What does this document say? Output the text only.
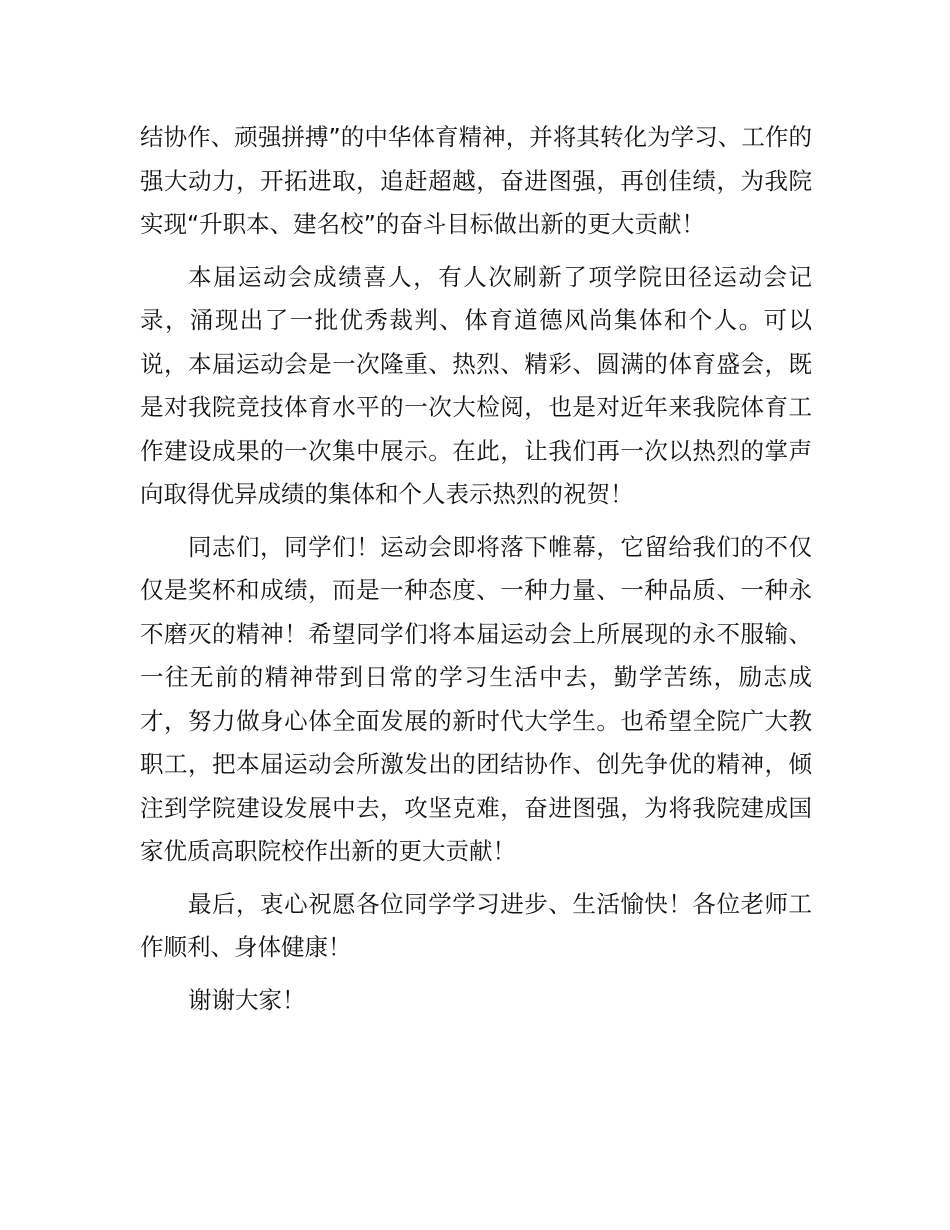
结协作、顽强拼搏”的中华体育精神，并将其转化为学习、工作的强大动力，开拓进取，追赶超越，奋进图强，再创佳绩，为我院实现“升职本、建名校”的奋斗目标做出新的更大贡献！

本届运动会成绩喜人，有人次刷新了项学院田径运动会记录，涌现出了一批优秀裁判、体育道德风尚集体和个人。可以说，本届运动会是一次隆重、热烈、精彩、圆满的体育盛会，既是对我院竞技体育水平的一次大检阅，也是对近年来我院体育工作建设成果的一次集中展示。在此，让我们再一次以热烈的掌声向取得优异成绩的集体和个人表示热烈的祝贺！

同志们，同学们！运动会即将落下帷幕，它留给我们的不仅仅是奖杯和成绩，而是一种态度、一种力量、一种品质、一种永不磨灭的精神！希望同学们将本届运动会上所展现的永不服输、一往无前的精神带到日常的学习生活中去，勤学苦练，励志成才，努力做身心体全面发展的新时代大学生。也希望全院广大教职工，把本届运动会所激发出的团结协作、创先争优的精神，倾注到学院建设发展中去，攻坚克难，奋进图强，为将我院建成国家优质高职院校作出新的更大贡献！

最后，衷心祝愿各位同学学习进步、生活愉快！各位老师工作顺利、身体健康！

谢谢大家！
